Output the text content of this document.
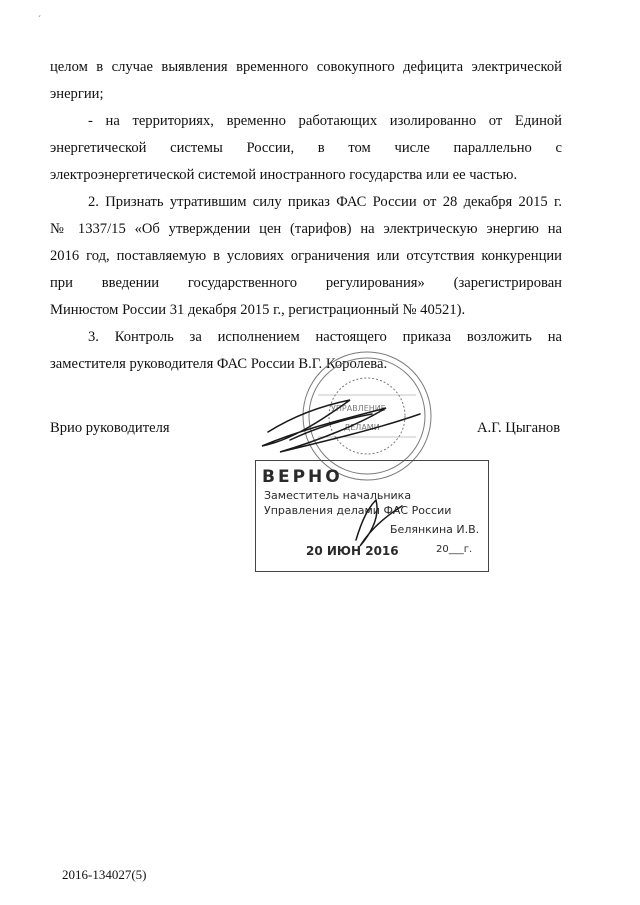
´
целом в случае выявления временного совокупного дефицита электрической
энергии;
- на территориях, временно работающих изолированно от Единой
энергетической системы России, в том числе параллельно с
электроэнергетической системой иностранного государства или ее частью.
2. Признать утратившим силу приказ ФАС России от 28 декабря 2015 г.
№ 1337/15 «Об утверждении цен (тарифов) на электрическую энергию на
2016 год, поставляемую в условиях ограничения или отсутствия конкуренции
при введении государственного регулирования» (зарегистрирован
Минюстом России 31 декабря 2015 г., регистрационный № 40521).
3. Контроль за исполнением настоящего приказа возложить на
заместителя руководителя ФАС России В.Г. Королева.
Врио руководителя	А.Г. Цыганов
УПРАВЛЕНИЕ
ДЕЛАМИ
ВЕРНО
Заместитель начальника
Управления делами ФАС России
Белянкина И.В.
20 ИЮН 2016	20___г.
2016-134027(5)
